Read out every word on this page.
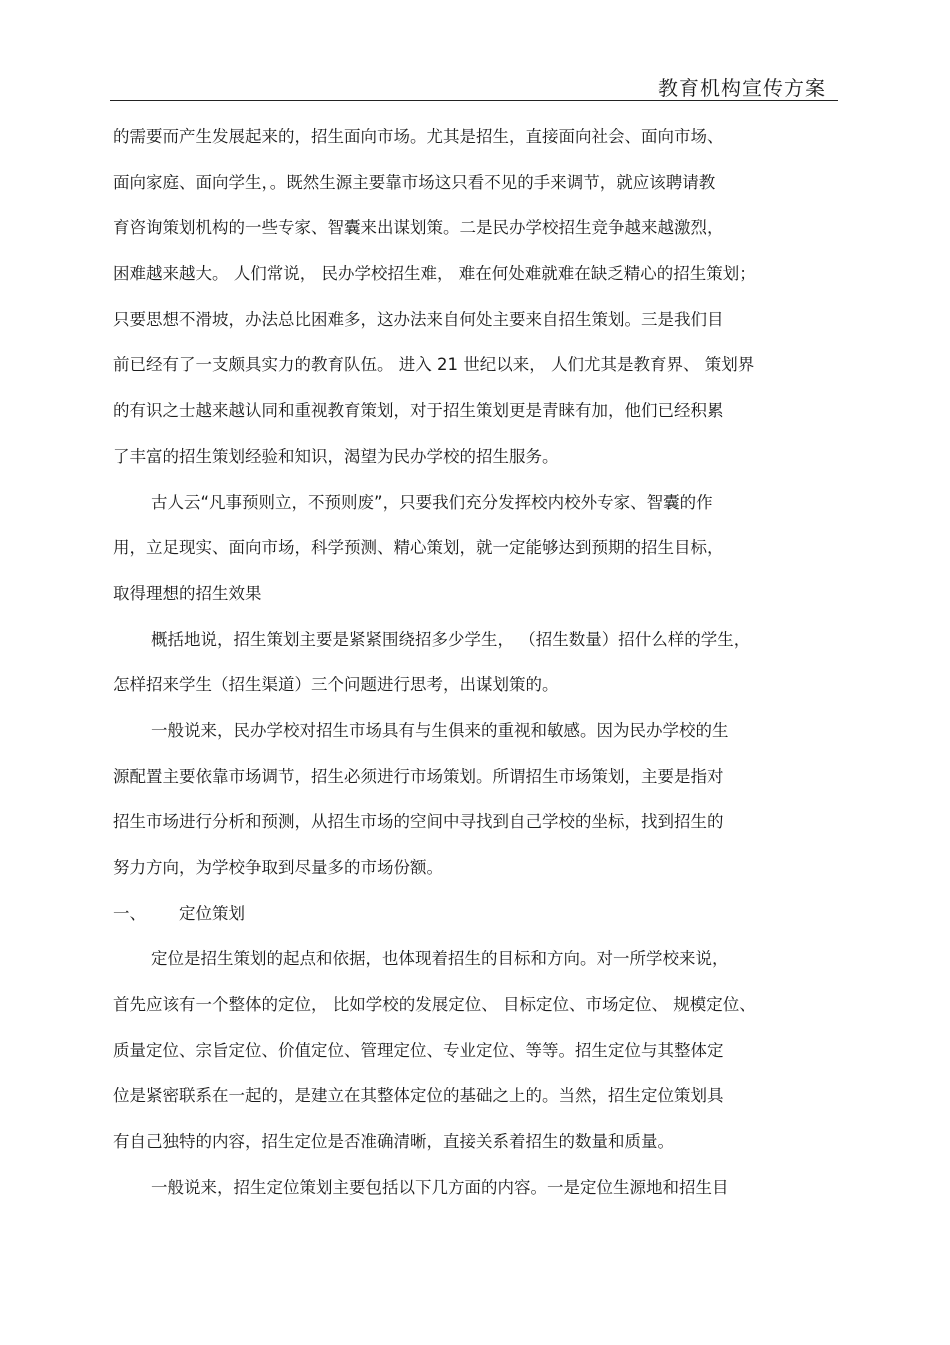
教育机构宣传方案
的需要而产生发展起来的，招生面向市场。尤其是招生，直接面向社会、面向市场、
面向家庭、面向学生，。既然生源主要靠市场这只看不见的手来调节，就应该聘请教
育咨询策划机构的一些专家、智囊来出谋划策。二是民办学校招生竞争越来越激烈，
困难越来越大。 人们常说， 民办学校招生难， 难在何处难就难在缺乏精心的招生策划；
只要思想不滑坡，办法总比困难多，这办法来自何处主要来自招生策划。三是我们目
前已经有了一支颇具实力的教育队伍。 进入 21 世纪以来， 人们尤其是教育界、 策划界
的有识之士越来越认同和重视教育策划，对于招生策划更是青睐有加，他们已经积累
了丰富的招生策划经验和知识，渴望为民办学校的招生服务。
古人云“凡事预则立，不预则废”，只要我们充分发挥校内校外专家、智囊的作
用，立足现实、面向市场，科学预测、精心策划，就一定能够达到预期的招生目标，
取得理想的招生效果
概括地说，招生策划主要是紧紧围绕招多少学生， （招生数量）招什么样的学生，
怎样招来学生（招生渠道）三个问题进行思考，出谋划策的。
一般说来，民办学校对招生市场具有与生俱来的重视和敏感。因为民办学校的生
源配置主要依靠市场调节，招生必须进行市场策划。所谓招生市场策划，主要是指对
招生市场进行分析和预测，从招生市场的空间中寻找到自己学校的坐标，找到招生的
努力方向，为学校争取到尽量多的市场份额。
一、	定位策划
定位是招生策划的起点和依据，也体现着招生的目标和方向。对一所学校来说，
首先应该有一个整体的定位， 比如学校的发展定位、 目标定位、市场定位、 规模定位、
质量定位、宗旨定位、价值定位、管理定位、专业定位、等等。招生定位与其整体定
位是紧密联系在一起的，是建立在其整体定位的基础之上的。当然，招生定位策划具
有自己独特的内容，招生定位是否准确清晰，直接关系着招生的数量和质量。
一般说来，招生定位策划主要包括以下几方面的内容。一是定位生源地和招生目
